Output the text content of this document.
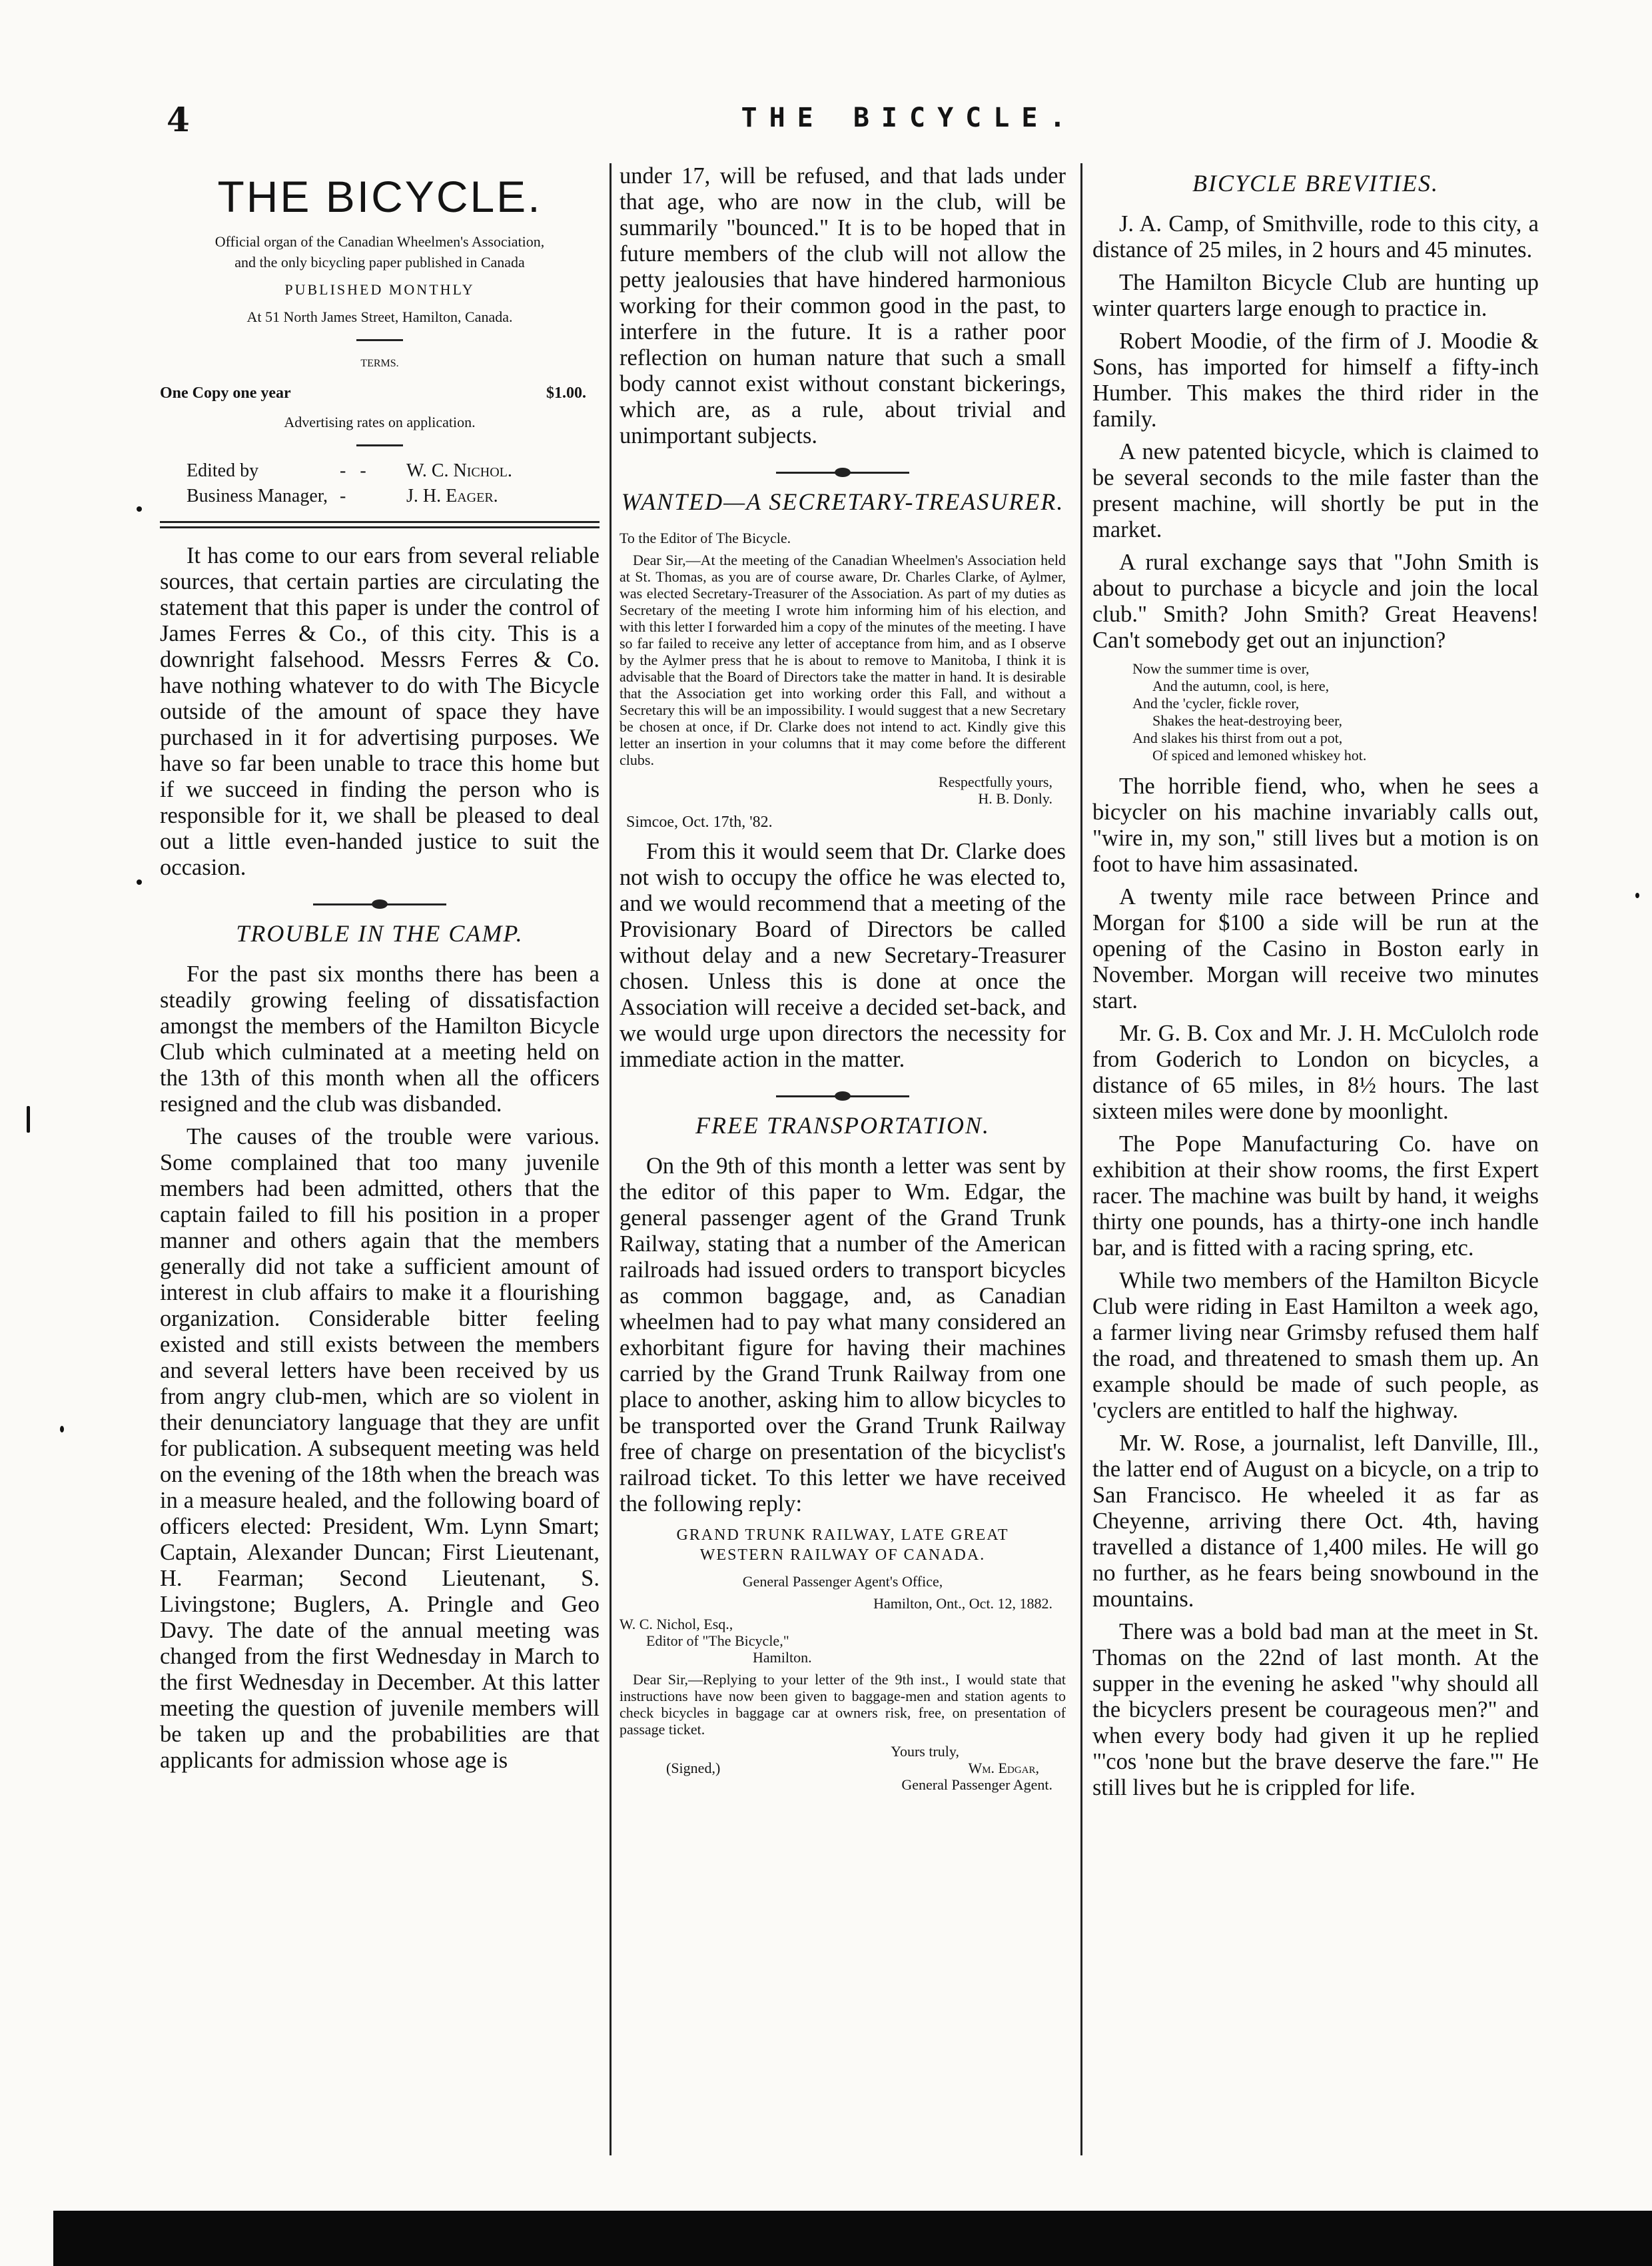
4	THE BICYCLE.
THE BICYCLE.

Official organ of the Canadian Wheelmen's Association,

and the only bicycling paper published in Canada

PUBLISHED MONTHLY

At 51 North James Street, Hamilton, Canada.

TERMS.

One Copy one year	$1.00.

Advertising rates on application.

Edited by	-   -	W. C. Nichol.
Business Manager, -	J. H. Eager.

It has come to our ears from several reliable sources, that certain parties are circulating the statement that this paper is under the control of James Ferres & Co., of this city. This is a downright falsehood. Messrs Ferres & Co. have nothing whatever to do with The Bicycle outside of the amount of space they have purchased in it for advertising purposes. We have so far been unable to trace this home but if we succeed in finding the person who is responsible for it, we shall be pleased to deal out a little even-handed justice to suit the occasion.

TROUBLE IN THE CAMP.

For the past six months there has been a steadily growing feeling of dissatisfaction amongst the members of the Hamilton Bicycle Club which culminated at a meeting held on the 13th of this month when all the officers resigned and the club was disbanded.

The causes of the trouble were various. Some complained that too many juvenile members had been admitted, others that the captain failed to fill his position in a proper manner and others again that the members generally did not take a sufficient amount of interest in club affairs to make it a flourishing organization. Considerable bitter feeling existed and still exists between the members and several letters have been received by us from angry club-men, which are so violent in their denunciatory language that they are unfit for publication. A subsequent meeting was held on the evening of the 18th when the breach was in a measure healed, and the following board of officers elected: President, Wm. Lynn Smart; Captain, Alexander Duncan; First Lieutenant, H. Fearman; Second Lieutenant, S. Livingstone; Buglers, A. Pringle and Geo Davy. The date of the annual meeting was changed from the first Wednesday in March to the first Wednesday in December. At this latter meeting the question of juvenile members will be taken up and the probabilities are that applicants for admission whose age is

under 17, will be refused, and that lads under that age, who are now in the club, will be summarily "bounced." It is to be hoped that in future members of the club will not allow the petty jealousies that have hindered harmonious working for their common good in the past, to interfere in the future. It is a rather poor reflection on human nature that such a small body cannot exist without constant bickerings, which are, as a rule, about trivial and unimportant subjects.

WANTED—A SECRETARY-TREASURER.

To the Editor of The Bicycle.

Dear Sir,—At the meeting of the Canadian Wheelmen's Association held at St. Thomas, as you are of course aware, Dr. Charles Clarke, of Aylmer, was elected Secretary-Treasurer of the Association. As part of my duties as Secretary of the meeting I wrote him informing him of his election, and with this letter I forwarded him a copy of the minutes of the meeting. I have so far failed to receive any letter of acceptance from him, and as I observe by the Aylmer press that he is about to remove to Manitoba, I think it is advisable that the Board of Directors take the matter in hand. It is desirable that the Association get into working order this Fall, and without a Secretary this will be an impossibility. I would suggest that a new Secretary be chosen at once, if Dr. Clarke does not intend to act. Kindly give this letter an insertion in your columns that it may come before the different clubs.

Respectfully yours,

H. B. Donly.

Simcoe, Oct. 17th, '82.

From this it would seem that Dr. Clarke does not wish to occupy the office he was elected to, and we would recommend that a meeting of the Provisionary Board of Directors be called without delay and a new Secretary-Treasurer chosen. Unless this is done at once the Association will receive a decided set-back, and we would urge upon directors the necessity for immediate action in the matter.

FREE TRANSPORTATION.

On the 9th of this month a letter was sent by the editor of this paper to Wm. Edgar, the general passenger agent of the Grand Trunk Railway, stating that a number of the American railroads had issued orders to transport bicycles as common baggage, and, as Canadian wheelmen had to pay what many considered an exhorbitant figure for having their machines carried by the Grand Trunk Railway from one place to another, asking him to allow bicycles to be transported over the Grand Trunk Railway free of charge on presentation of the bicyclist's railroad ticket. To this letter we have received the following reply:

GRAND TRUNK RAILWAY, LATE GREAT
WESTERN RAILWAY OF CANADA.

General Passenger Agent's Office,

Hamilton, Ont., Oct. 12, 1882.

W. C. Nichol, Esq.,

Editor of "The Bicycle,"

Hamilton.

Dear Sir,—Replying to your letter of the 9th inst., I would state that instructions have now been given to baggage-men and station agents to check bicycles in baggage car at owners risk, free, on presentation of passage ticket.

Yours truly,

(Signed,)	Wm. Edgar,

General Passenger Agent.

BICYCLE BREVITIES.

J. A. Camp, of Smithville, rode to this city, a distance of 25 miles, in 2 hours and 45 minutes.

The Hamilton Bicycle Club are hunting up winter quarters large enough to practice in.

Robert Moodie, of the firm of J. Moodie & Sons, has imported for himself a fifty-inch Humber. This makes the third rider in the family.

A new patented bicycle, which is claimed to be several seconds to the mile faster than the present machine, will shortly be put in the market.

A rural exchange says that "John Smith is about to purchase a bicycle and join the local club." Smith? John Smith? Great Heavens! Can't somebody get out an injunction?

Now the summer time is over,
And the autumn, cool, is here,
And the 'cycler, fickle rover,
Shakes the heat-destroying beer,
And slakes his thirst from out a pot,
Of spiced and lemoned whiskey hot.

The horrible fiend, who, when he sees a bicycler on his machine invariably calls out, "wire in, my son," still lives but a motion is on foot to have him assasinated.

A twenty mile race between Prince and Morgan for $100 a side will be run at the opening of the Casino in Boston early in November. Morgan will receive two minutes start.

Mr. G. B. Cox and Mr. J. H. McCulolch rode from Goderich to London on bicycles, a distance of 65 miles, in 8½ hours. The last sixteen miles were done by moonlight.

The Pope Manufacturing Co. have on exhibition at their show rooms, the first Expert racer. The machine was built by hand, it weighs thirty one pounds, has a thirty-one inch handle bar, and is fitted with a racing spring, etc.

While two members of the Hamilton Bicycle Club were riding in East Hamilton a week ago, a farmer living near Grimsby refused them half the road, and threatened to smash them up. An example should be made of such people, as 'cyclers are entitled to half the highway.

Mr. W. Rose, a journalist, left Danville, Ill., the latter end of August on a bicycle, on a trip to San Francisco. He wheeled it as far as Cheyenne, arriving there Oct. 4th, having travelled a distance of 1,400 miles. He will go no further, as he fears being snowbound in the mountains.

There was a bold bad man at the meet in St. Thomas on the 22nd of last month. At the supper in the evening he asked "why should all the bicyclers present be courageous men?" and when every body had given it up he replied "'cos 'none but the brave deserve the fare.'" He still lives but he is crippled for life.
